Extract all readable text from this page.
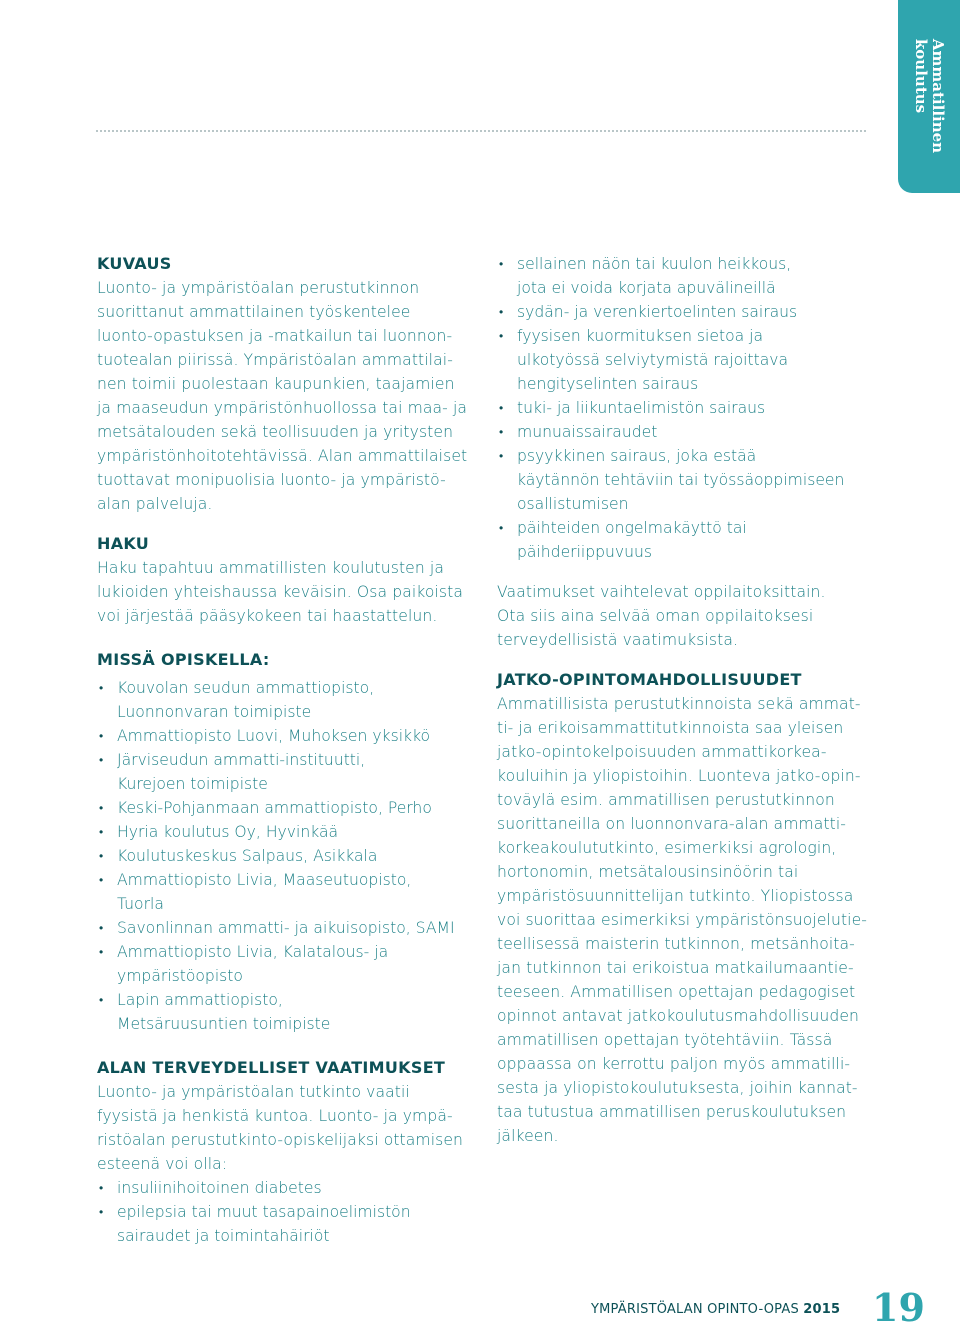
Ammatillinen
koulutus
KUVAUS

Luonto- ja ympäristöalan perustutkinnon
suorittanut ammattilainen työskentelee
luonto-opastuksen ja -matkailun tai luonnon-
tuotealan piirissä. Ympäristöalan ammattilai-
nen toimii puolestaan kaupunkien, taajamien
ja maaseudun ympäristönhuollossa tai maa- ja
metsätalouden sekä teollisuuden ja yritysten
ympäristönhoitotehtävissä. Alan ammattilaiset
tuottavat monipuolisia luonto- ja ympäristö-
alan palveluja.

HAKU

Haku tapahtuu ammatillisten koulutusten ja
lukioiden yhteishaussa keväisin. Osa paikoista
voi järjestää pääsykokeen tai haastattelun.

MISSÄ OPISKELLA:
• Kouvolan seudun ammattiopisto,
Luonnonvaran toimipiste
• Ammattiopisto Luovi, Muhoksen yksikkö
• Järviseudun ammatti-instituutti,
Kurejoen toimipiste
• Keski-Pohjanmaan ammattiopisto, Perho
• Hyria koulutus Oy, Hyvinkää
• Koulutuskeskus Salpaus, Asikkala
• Ammattiopisto Livia, Maaseutuopisto,
Tuorla
• Savonlinnan ammatti- ja aikuisopisto, SAMI
• Ammattiopisto Livia, Kalatalous- ja
ympäristöopisto
• Lapin ammattiopisto,
Metsäruusuntien toimipiste
ALAN TERVEYDELLISET VAATIMUKSET

Luonto- ja ympäristöalan tutkinto vaatii
fyysistä ja henkistä kuntoa. Luonto- ja ympä-
ristöalan perustutkinto-opiskelijaksi ottamisen
esteenä voi olla:

• insuliinihoitoinen diabetes
• epilepsia tai muut tasapainoelimistön
sairaudet ja toimintahäiriöt
• sellainen näön tai kuulon heikkous,
jota ei voida korjata apuvälineillä
• sydän- ja verenkiertoelinten sairaus
• fyysisen kuormituksen sietoa ja
ulkotyössä selviytymistä rajoittava
hengityselinten sairaus
• tuki- ja liikuntaelimistön sairaus
• munuaissairaudet
• psyykkinen sairaus, joka estää
käytännön tehtäviin tai työssäoppimiseen
osallistumisen
• päihteiden ongelmakäyttö tai
päihderiippuvuus

Vaatimukset vaihtelevat oppilaitoksittain.
Ota siis aina selvää oman oppilaitoksesi
terveydellisistä vaatimuksista.

JATKO-OPINTOMAHDOLLISUUDET

Ammatillisista perustutkinnoista sekä ammat-
ti- ja erikoisammattitutkinnoista saa yleisen
jatko-opintokelpoisuuden ammattikorkea-
kouluihin ja yliopistoihin. Luonteva jatko-opin-
toväylä esim. ammatillisen perustutkinnon
suorittaneilla on luonnonvara-alan ammatti-
korkeakoulututkinto, esimerkiksi agrologin,
hortonomin, metsätalousinsinöörin tai
ympäristösuunnittelijan tutkinto. Yliopistossa
voi suorittaa esimerkiksi ympäristönsuojelutie-
teellisessä maisterin tutkinnon, metsänhoita-
jan tutkinnon tai erikoistua matkailumaantie-
teeseen. Ammatillisen opettajan pedagogiset
opinnot antavat jatkokoulutusmahdollisuuden
ammatillisen opettajan työtehtäviin. Tässä
oppaassa on kerrottu paljon myös ammatilli-
sesta ja yliopistokoulutuksesta, joihin kannat-
taa tutustua ammatillisen peruskoulutuksen
jälkeen.

YMPÄRISTÖALAN OPINTO-OPAS 2015 19
